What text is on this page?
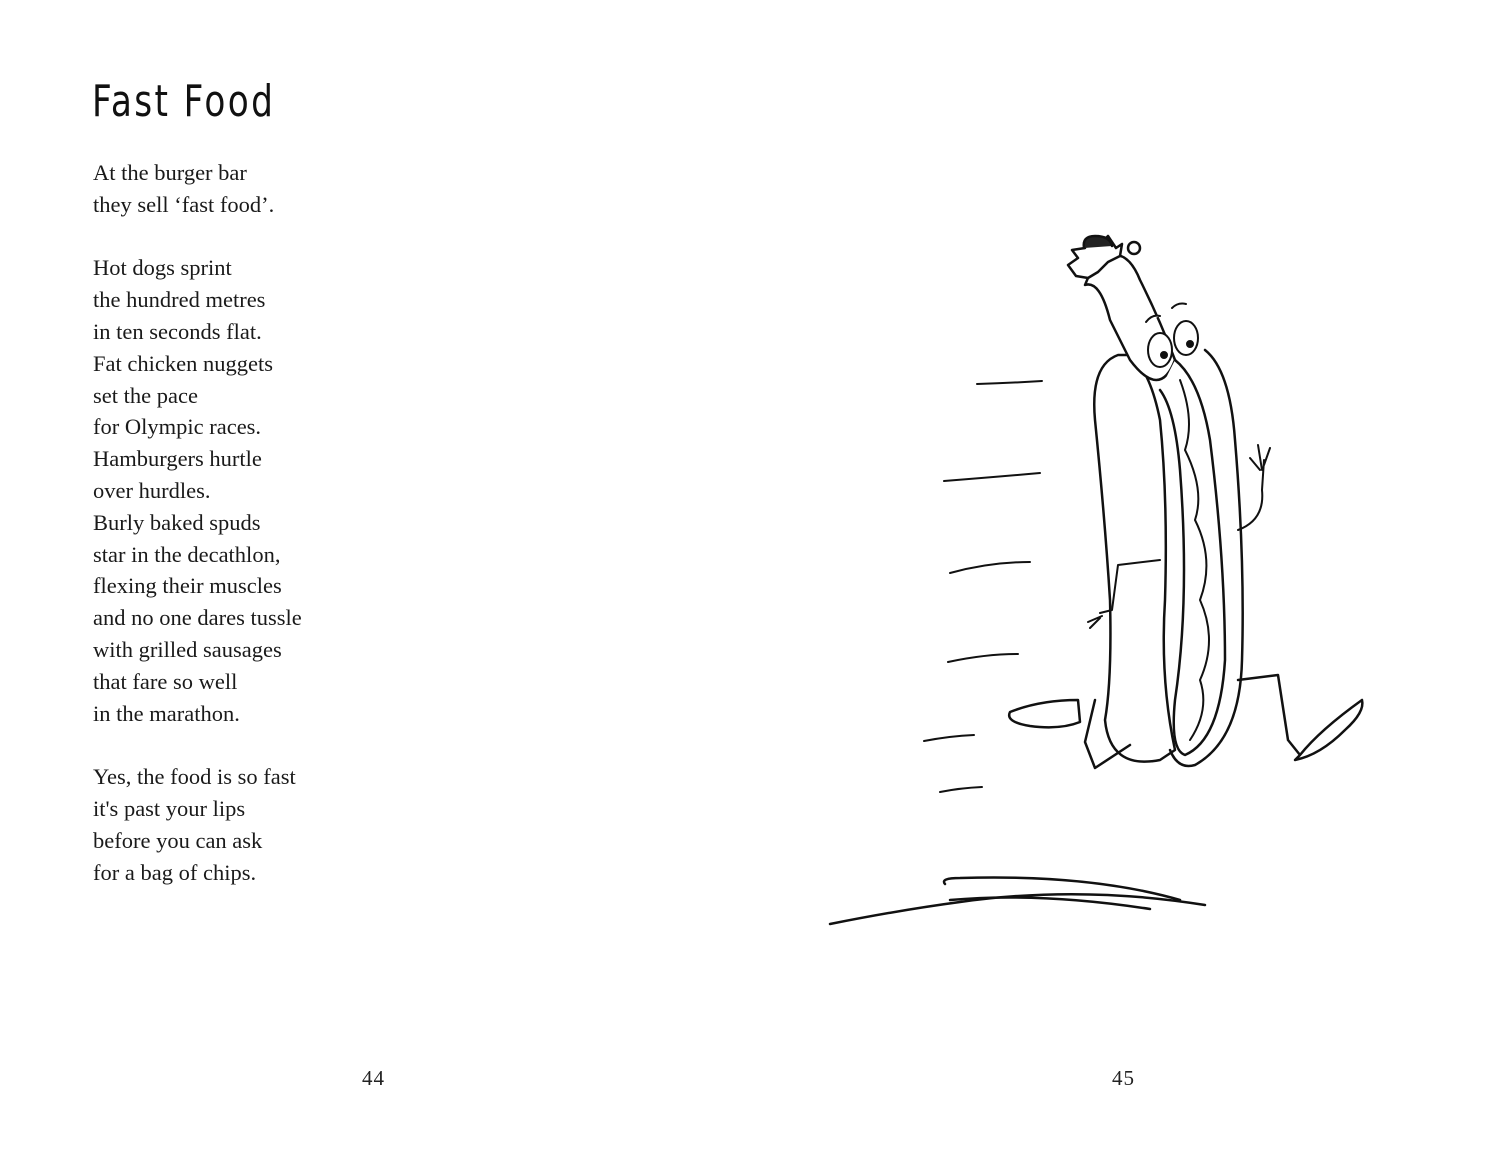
Fast Food
At the burger bar
they sell ‘fast food’.
Hot dogs sprint
the hundred metres
in ten seconds flat.
Fat chicken nuggets
set the pace
for Olympic races.
Hamburgers hurtle
over hurdles.
Burly baked spuds
star in the decathlon,
flexing their muscles
and no one dares tussle
with grilled sausages
that fare so well
in the marathon.
Yes, the food is so fast
it's past your lips
before you can ask
for a bag of chips.
44	45
